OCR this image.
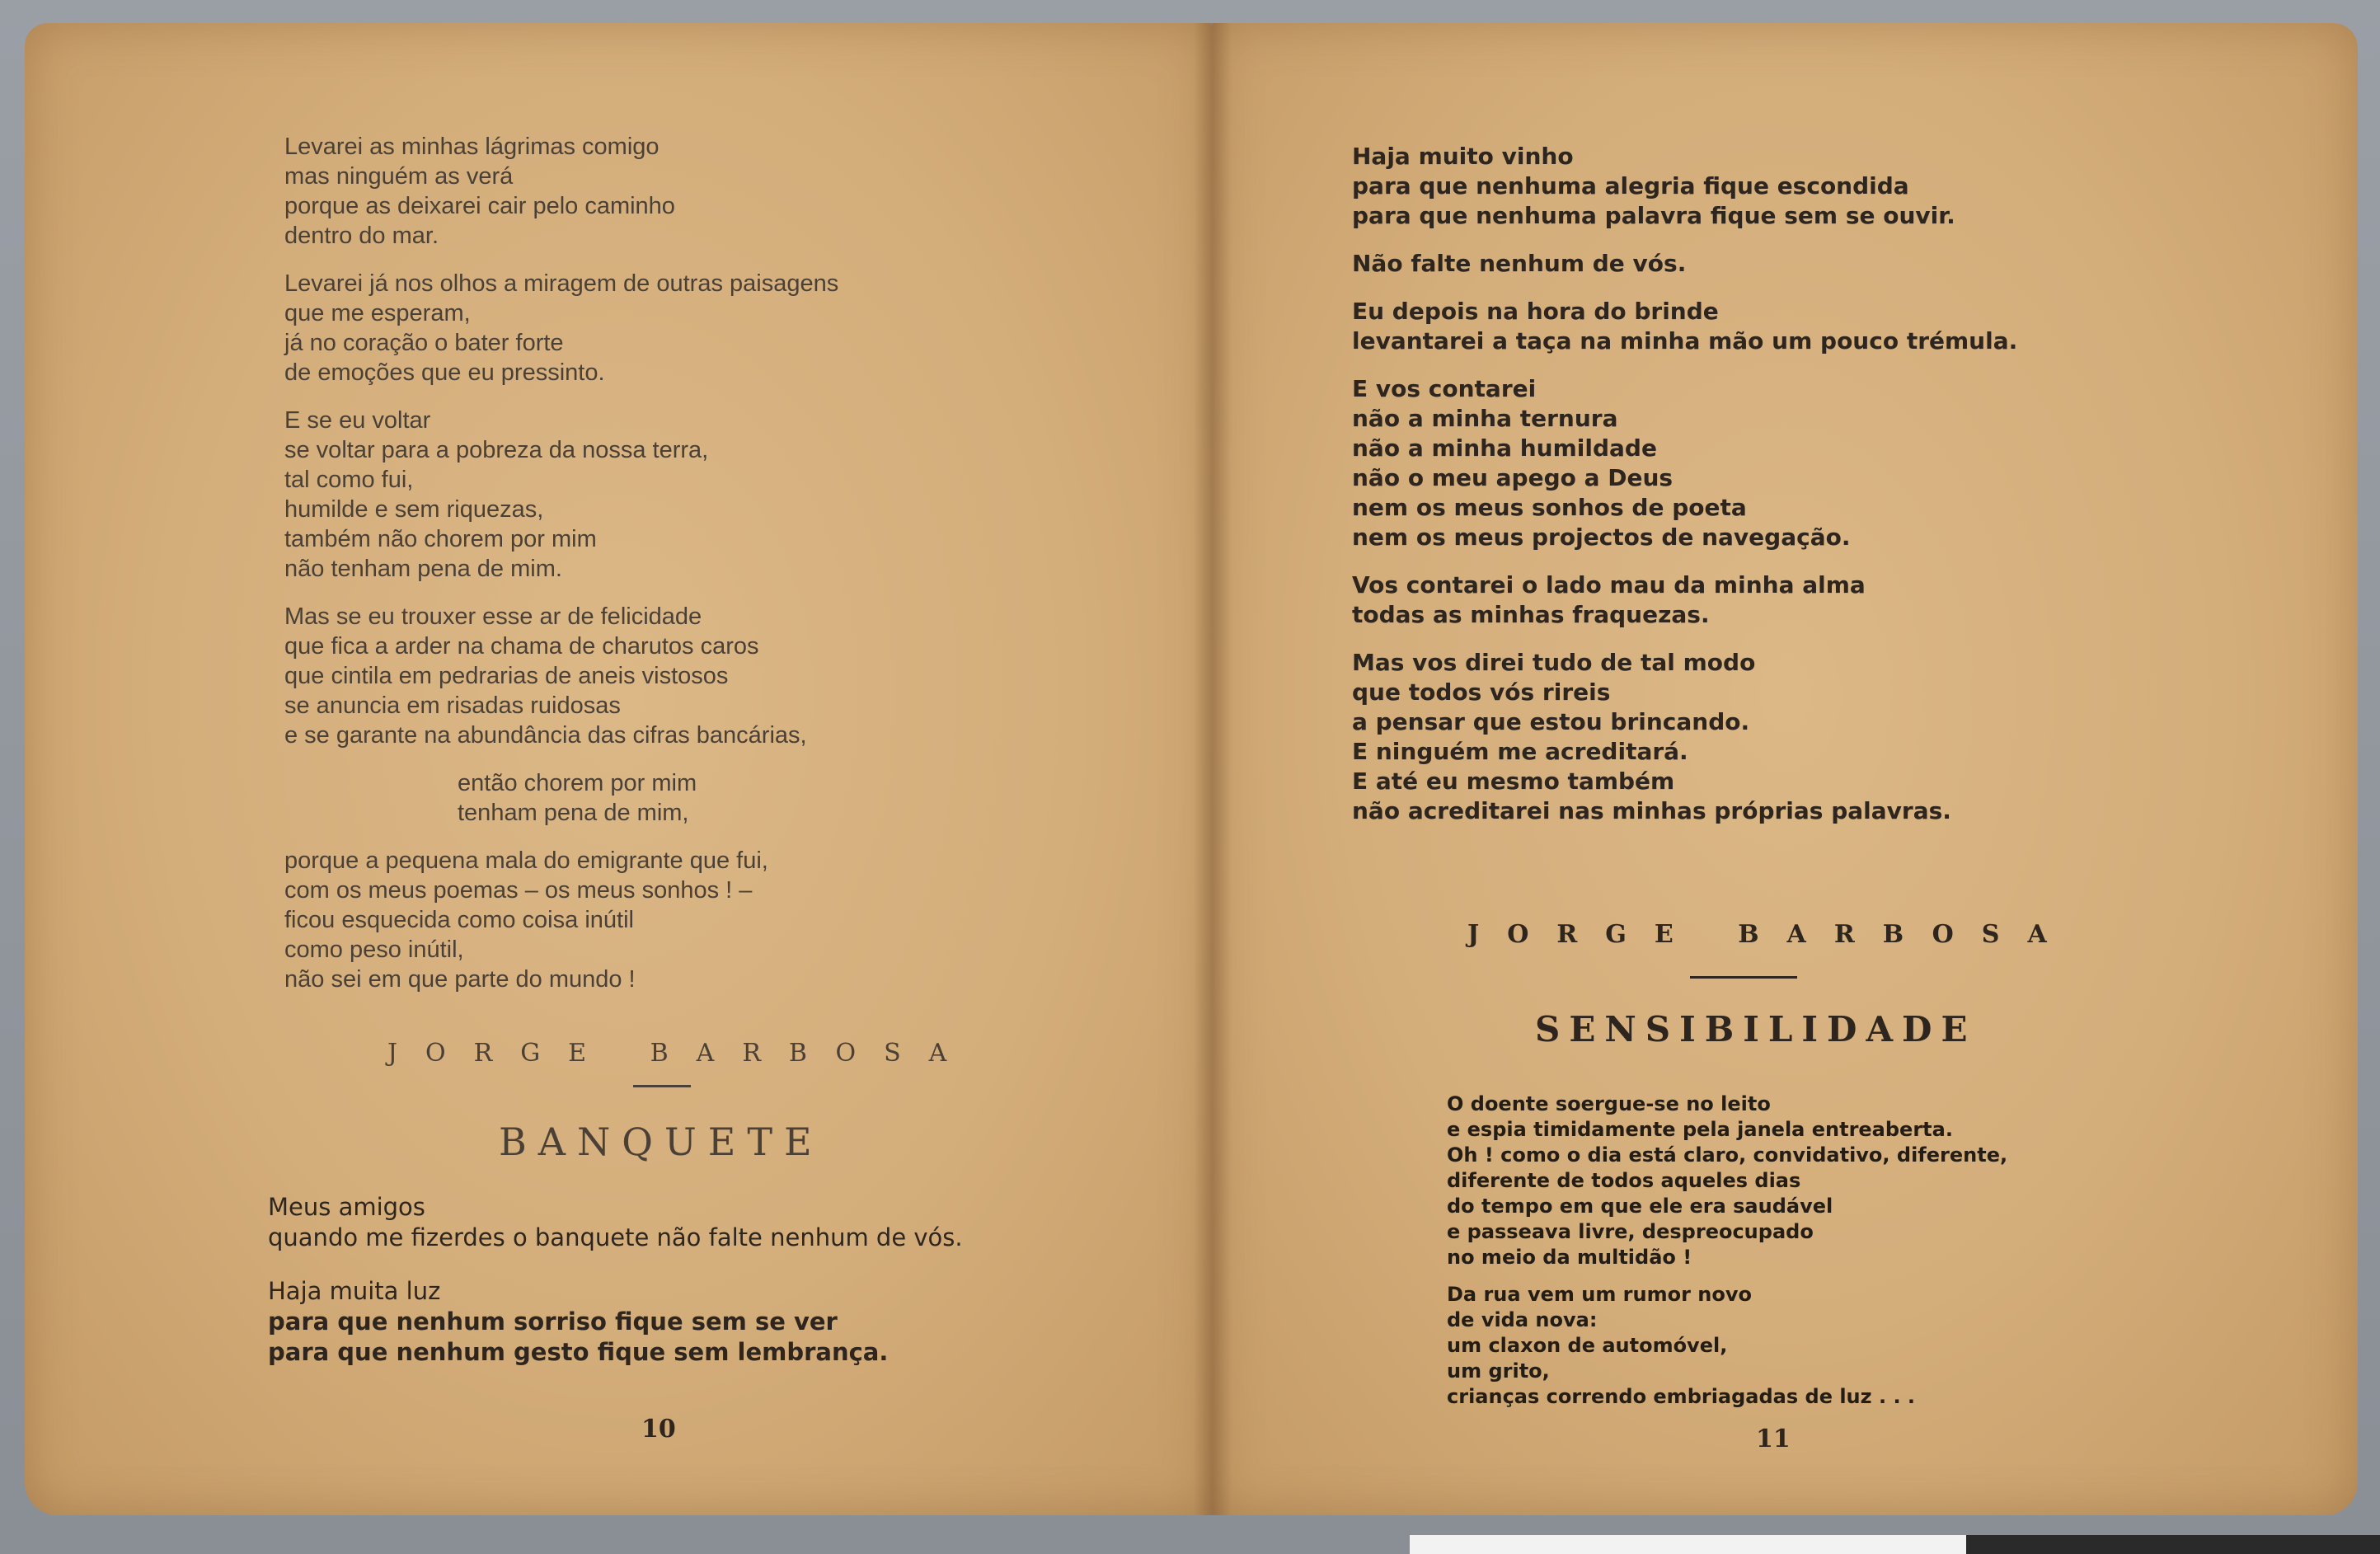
Levarei as minhas lágrimas comigo
mas ninguém as verá
porque as deixarei cair pelo caminho
dentro do mar.
Levarei já nos olhos a miragem de outras paisagens
que me esperam,
já no coração o bater forte
de emoções que eu pressinto.
E se eu voltar
se voltar para a pobreza da nossa terra,
tal como fui,
humilde e sem riquezas,
também não chorem por mim
não tenham pena de mim.
Mas se eu trouxer esse ar de felicidade
que fica a arder na chama de charutos caros
que cintila em pedrarias de aneis vistosos
se anuncia em risadas ruidosas
e se garante na abundância das cifras bancárias,
então chorem por mim
tenham pena de mim,
porque a pequena mala do emigrante que fui,
com os meus poemas – os meus sonhos ! –
ficou esquecida como coisa inútil
como peso inútil,
não sei em que parte do mundo !
JORGE BARBOSA
BANQUETE
Meus amigos
quando me fizerdes o banquete não falte nenhum de vós.
Haja muita luz
para que nenhum sorriso fique sem se ver
para que nenhum gesto fique sem lembrança.
10
Haja muito vinho
para que nenhuma alegria fique escondida
para que nenhuma palavra fique sem se ouvir.
Não falte nenhum de vós.
Eu depois na hora do brinde
levantarei a taça na minha mão um pouco trémula.
E vos contarei
não a minha ternura
não a minha humildade
não o meu apego a Deus
nem os meus sonhos de poeta
nem os meus projectos de navegação.
Vos contarei o lado mau da minha alma
todas as minhas fraquezas.
Mas vos direi tudo de tal modo
que todos vós rireis
a pensar que estou brincando.
E ninguém me acreditará.
E até eu mesmo também
não acreditarei nas minhas próprias palavras.
JORGE BARBOSA
SENSIBILIDADE
O doente soergue-se no leito
e espia timidamente pela janela entreaberta.
Oh ! como o dia está claro, convidativo, diferente,
diferente de todos aqueles dias
do tempo em que ele era saudável
e passeava livre, despreocupado
no meio da multidão !
Da rua vem um rumor novo
de vida nova:
um claxon de automóvel,
um grito,
crianças correndo embriagadas de luz . . .
11
